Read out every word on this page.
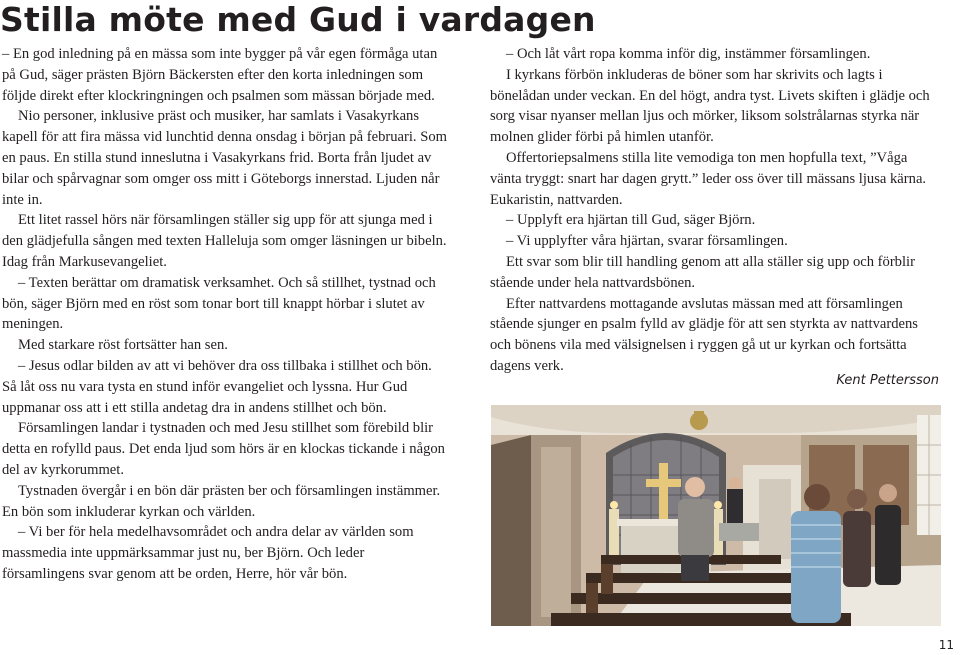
Stilla möte med Gud i vardagen

– En god inledning på en mässa som inte bygger på vår egen förmåga utan på Gud, säger prästen Björn Bäckersten efter den korta inledningen som följde direkt efter klockringningen och psalmen som mässan började med.

Nio personer, inklusive präst och musiker, har samlats i Vasakyrkans kapell för att fira mässa vid lunchtid denna onsdag i början på februari. Som en paus. En stilla stund inneslutna i Vasakyrkans frid. Borta från ljudet av bilar och spårvagnar som omger oss mitt i Göteborgs innerstad. Ljuden når inte in.

Ett litet rassel hörs när församlingen ställer sig upp för att sjunga med i den glädjefulla sången med texten Halleluja som omger läsningen ur bibeln. Idag från Markusevangeliet.

– Texten berättar om dramatisk verksamhet. Och så stillhet, tystnad och bön, säger Björn med en röst som tonar bort till knappt hörbar i slutet av meningen.

Med starkare röst fortsätter han sen.

– Jesus odlar bilden av att vi behöver dra oss tillbaka i stillhet och bön. Så låt oss nu vara tysta en stund inför evangeliet och lyssna. Hur Gud uppmanar oss att i ett stilla andetag dra in andens stillhet och bön.

Församlingen landar i tystnaden och med Jesu stillhet som förebild blir detta en rofylld paus. Det enda ljud som hörs är en klockas tickande i någon del av kyrkorummet.

Tystnaden övergår i en bön där prästen ber och församlingen instämmer. En bön som inkluderar kyrkan och världen.

– Vi ber för hela medelhavsområdet och andra delar av världen som massmedia inte uppmärksammar just nu, ber Björn. Och leder församlingens svar genom att be orden, Herre, hör vår bön.

– Och låt vårt ropa komma inför dig, instämmer församlingen.

I kyrkans förbön inkluderas de böner som har skrivits och lagts i bönelådan under veckan. En del högt, andra tyst. Livets skiften i glädje och sorg visar nyanser mellan ljus och mörker, liksom solstrålarnas styrka när molnen glider förbi på himlen utanför.

Offertoriepsalmens stilla lite vemodiga ton men hopfulla text, ”Våga vänta tryggt: snart har dagen grytt.” leder oss över till mässans ljusa kärna. Eukaristin, nattvarden.

– Upplyft era hjärtan till Gud, säger Björn.

– Vi upplyfter våra hjärtan, svarar församlingen.

Ett svar som blir till handling genom att alla ställer sig upp och förblir stående under hela nattvardsbönen.

Efter nattvardens mottagande avslutas mässan med att församlingen stående sjunger en psalm fylld av glädje för att sen styrkta av nattvardens och bönens vila med välsignelsen i ryggen gå ut ur kyrkan och fortsätta dagens verk.

Kent Pettersson
11
